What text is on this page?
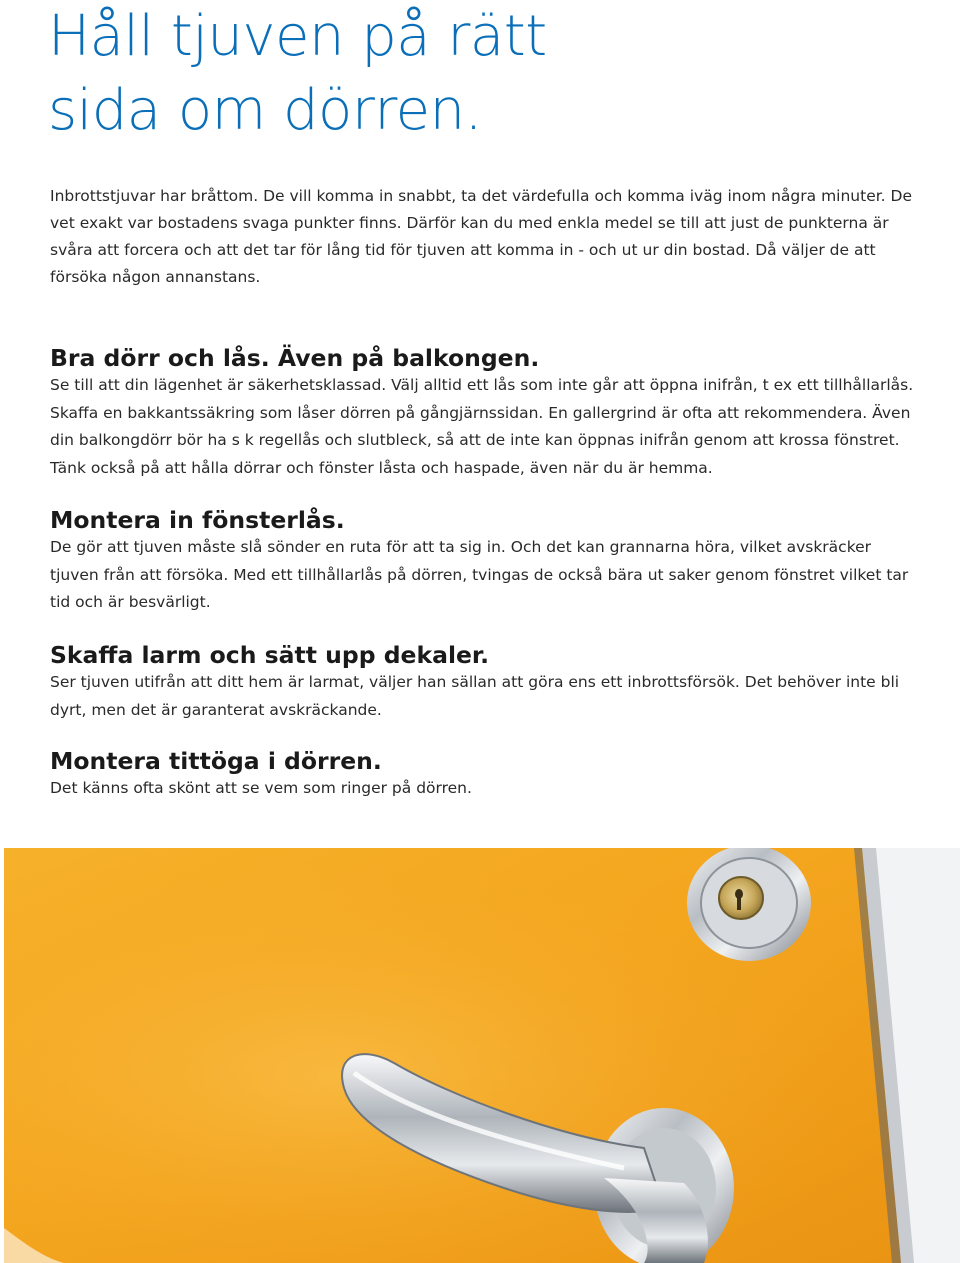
Håll tjuven på rätt
sida om dörren.

Inbrottstjuvar har bråttom. De vill komma in snabbt, ta det värdefulla och komma iväg inom några minuter. De vet exakt var bostadens svaga punkter finns. Därför kan du med enkla medel se till att just de punkterna är svåra att forcera och att det tar för lång tid för tjuven att komma in - och ut ur din bostad. Då väljer de att försöka någon annanstans.

Bra dörr och lås. Även på balkongen.

Se till att din lägenhet är säkerhetsklassad. Välj alltid ett lås som inte går att öppna inifrån, t ex ett tillhållarlås. Skaffa en bakkantssäkring som låser dörren på gångjärnssidan. En gallergrind är ofta att rekommendera. Även din balkongdörr bör ha s k regellås och slutbleck, så att de inte kan öppnas inifrån genom att krossa fönstret. Tänk också på att hålla dörrar och fönster låsta och haspade, även när du är hemma.

Montera in fönsterlås.

De gör att tjuven måste slå sönder en ruta för att ta sig in. Och det kan grannarna höra, vilket avskräcker tjuven från att försöka. Med ett tillhållarlås på dörren, tvingas de också bära ut saker genom fönstret vilket tar tid och är besvärligt.

Skaffa larm och sätt upp dekaler.

Ser tjuven utifrån att ditt hem är larmat, väljer han sällan att göra ens ett inbrottsförsök. Det behöver inte bli dyrt, men det är garanterat avskräckande.

Montera tittöga i dörren.

Det känns ofta skönt att se vem som ringer på dörren.
